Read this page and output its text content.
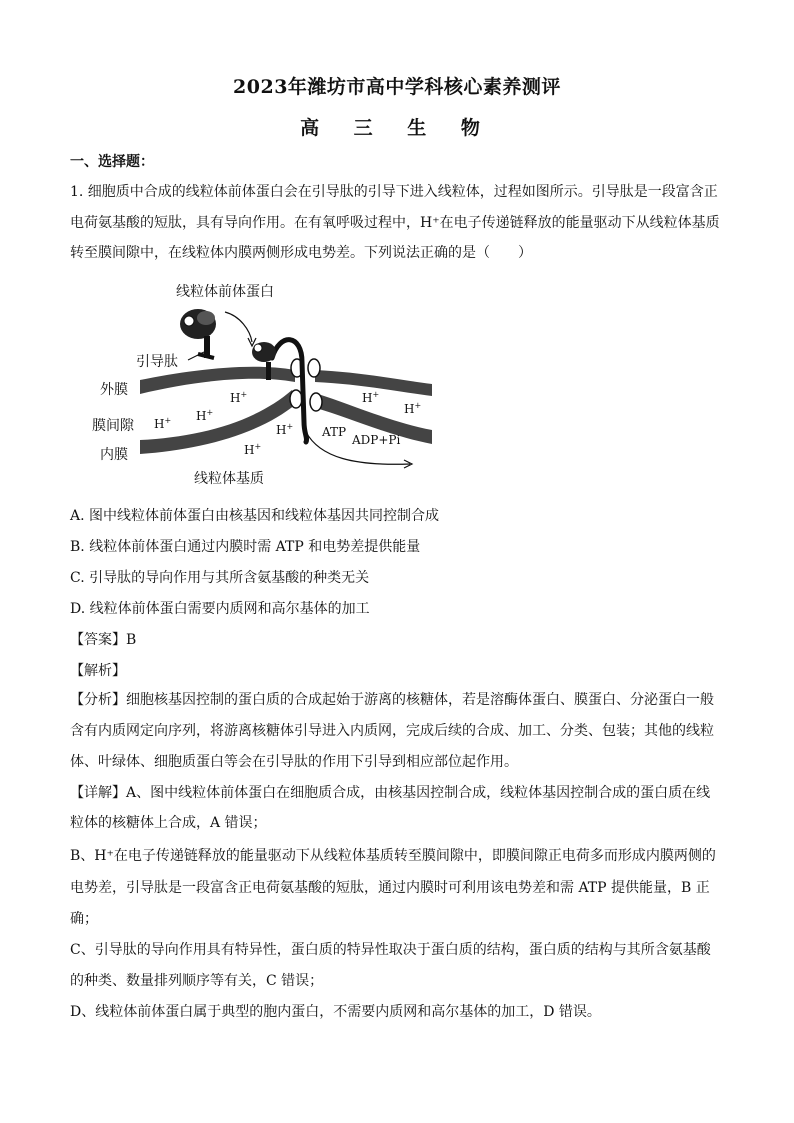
2023年潍坊市高中学科核心素养测评
高 三 生 物
一、选择题：
1. 细胞质中合成的线粒体前体蛋白会在引导肽的引导下进入线粒体，过程如图所示。引导肽是一段富含正
电荷氨基酸的短肽，具有导向作用。在有氧呼吸过程中，H⁺在电子传递链释放的能量驱动下从线粒体基质
转至膜间隙中，在线粒体内膜两侧形成电势差。下列说法正确的是（　　）
线粒体前体蛋白
引导肽
外膜
膜间隙
内膜
线粒体基质
H+
H+
H+
H+
H+
H+
H+
ATP
ADP+Pi
A. 图中线粒体前体蛋白由核基因和线粒体基因共同控制合成
B. 线粒体前体蛋白通过内膜时需 ATP 和电势差提供能量
C. 引导肽的导向作用与其所含氨基酸的种类无关
D. 线粒体前体蛋白需要内质网和高尔基体的加工
【答案】B
【解析】
【分析】细胞核基因控制的蛋白质的合成起始于游离的核糖体，若是溶酶体蛋白、膜蛋白、分泌蛋白一般
含有内质网定向序列，将游离核糖体引导进入内质网，完成后续的合成、加工、分类、包装；其他的线粒
体、叶绿体、细胞质蛋白等会在引导肽的作用下引导到相应部位起作用。
【详解】A、图中线粒体前体蛋白在细胞质合成，由核基因控制合成，线粒体基因控制合成的蛋白质在线
粒体的核糖体上合成，A 错误；
B、H⁺在电子传递链释放的能量驱动下从线粒体基质转至膜间隙中，即膜间隙正电荷多而形成内膜两侧的
电势差，引导肽是一段富含正电荷氨基酸的短肽，通过内膜时可利用该电势差和需 ATP 提供能量，B 正
确；
C、引导肽的导向作用具有特异性，蛋白质的特异性取决于蛋白质的结构，蛋白质的结构与其所含氨基酸
的种类、数量排列顺序等有关，C 错误；
D、线粒体前体蛋白属于典型的胞内蛋白，不需要内质网和高尔基体的加工，D 错误。
